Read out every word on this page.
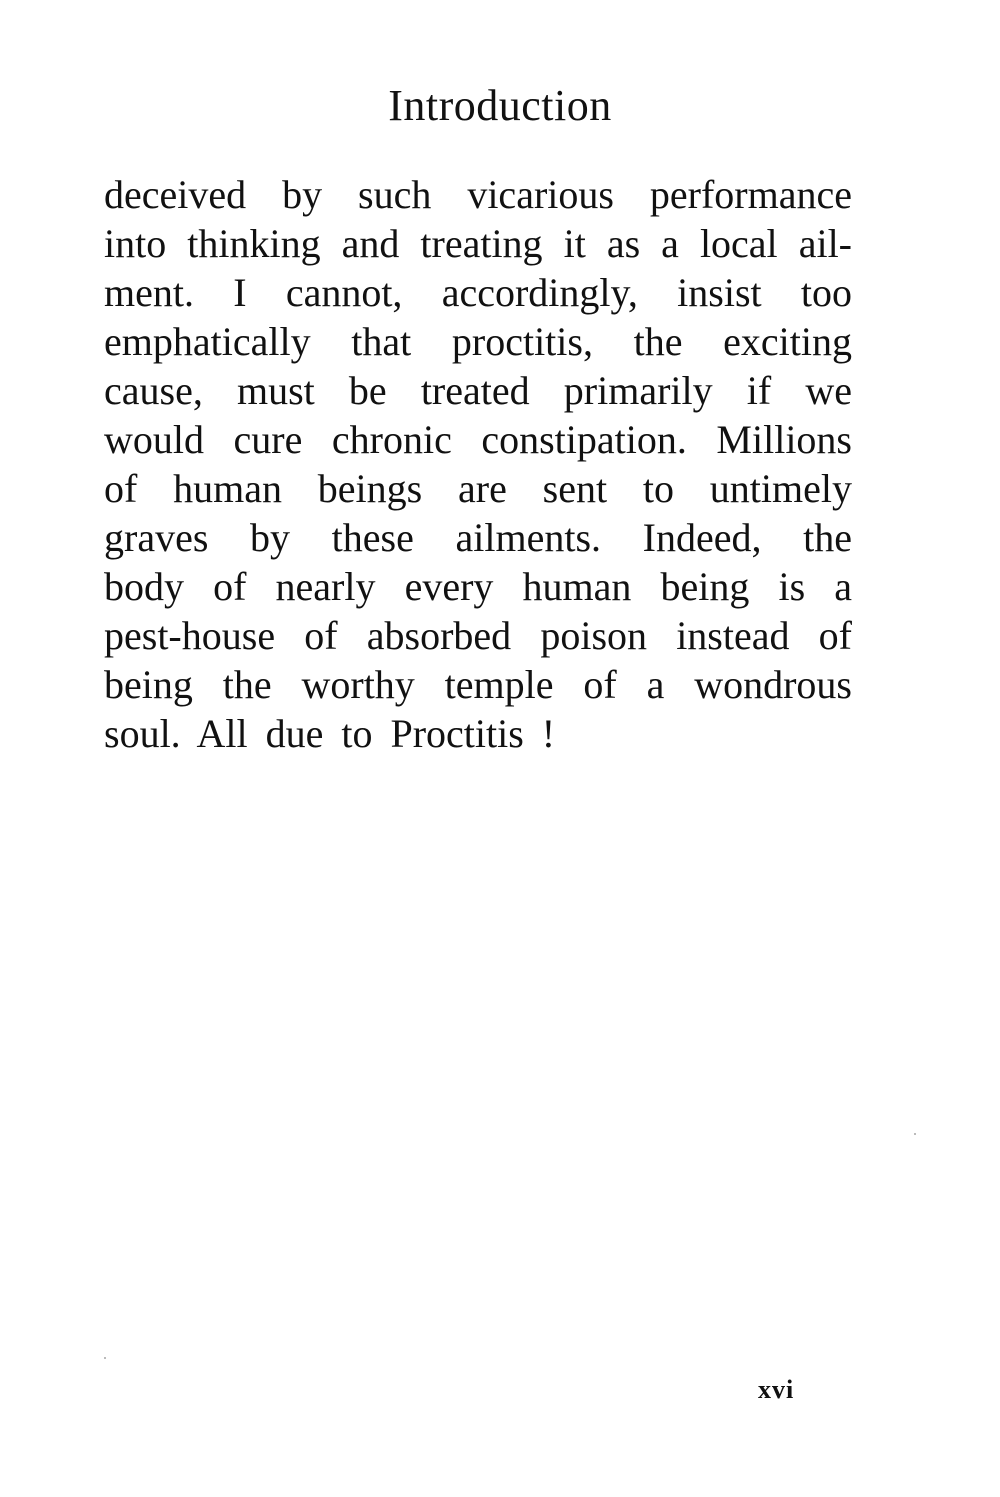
Introduction
deceived by such vicarious performance
into thinking and treating it as a local ail-
ment. I cannot, accordingly, insist too
emphatically that proctitis, the exciting
cause, must be treated primarily if we
would cure chronic constipation. Millions
of human beings are sent to untimely
graves by these ailments. Indeed, the
body of nearly every human being is a
pest-house of absorbed poison instead of
being the worthy temple of a wondrous
soul. All due to Proctitis !
xvi
